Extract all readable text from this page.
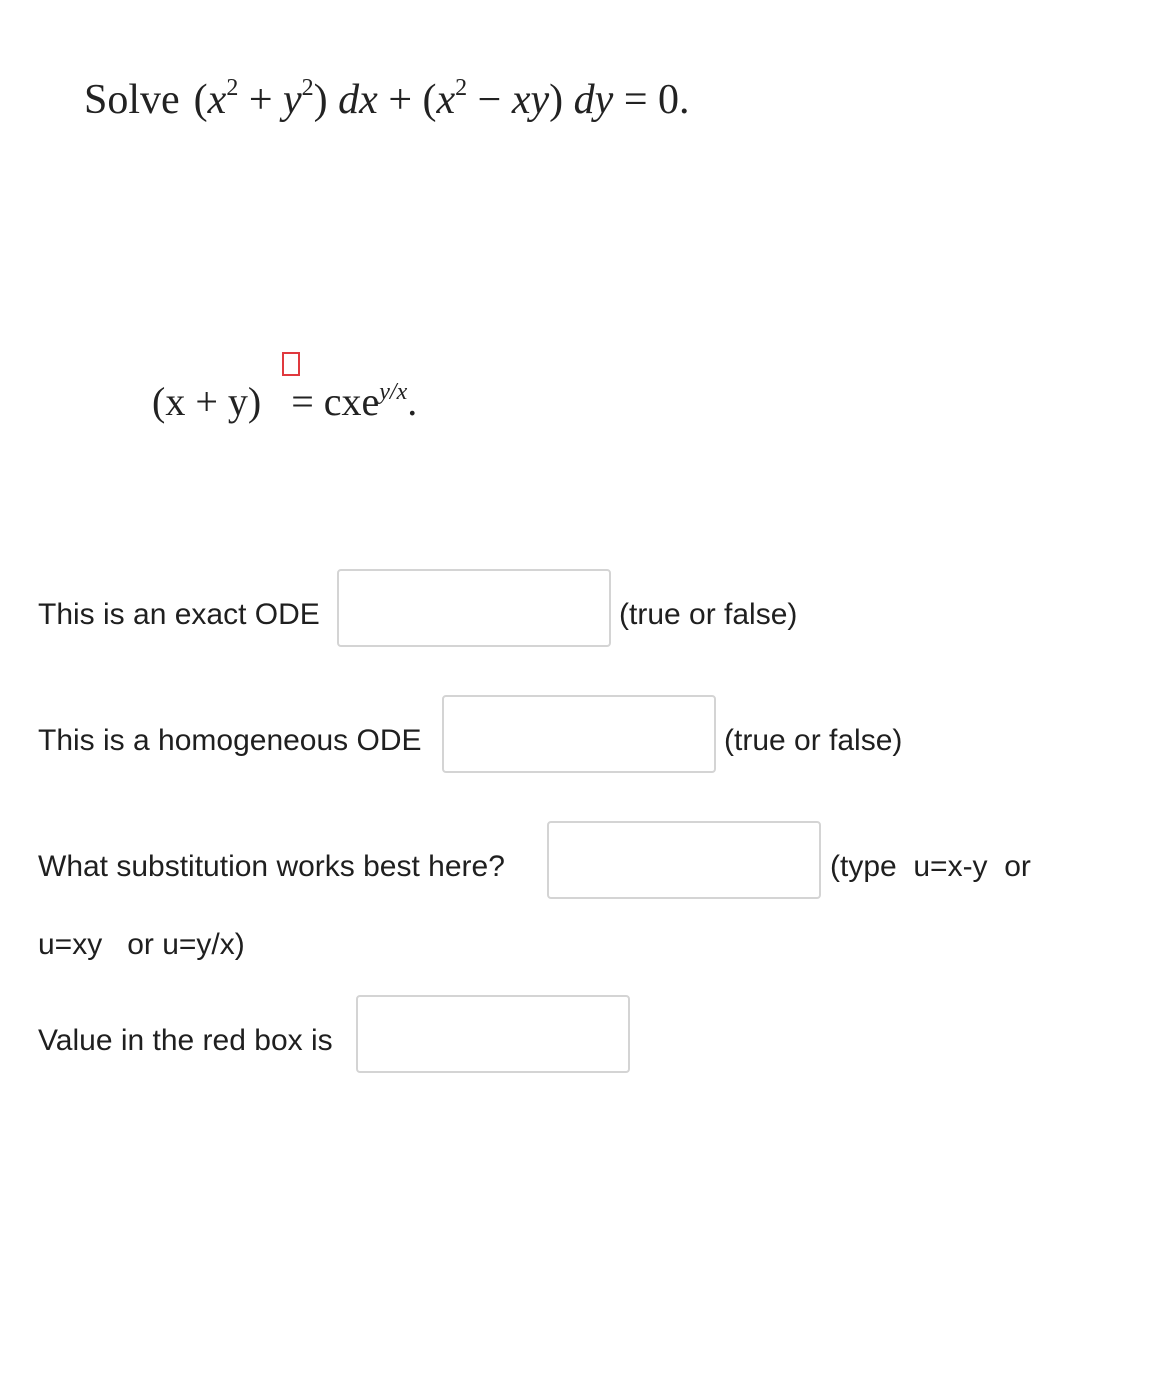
Solve $(x^2 + y^2)$ dx + $(x^2 - xy)$ dy = 0.
(x + y) = cxe$^{y/x}$.
This is an exact ODE	(true or false)
This is a homogeneous ODE	(true or false)
What substitution works best here?	(type  u=x-y  or
u=xy   or u=y/x)
Value in the red box is
